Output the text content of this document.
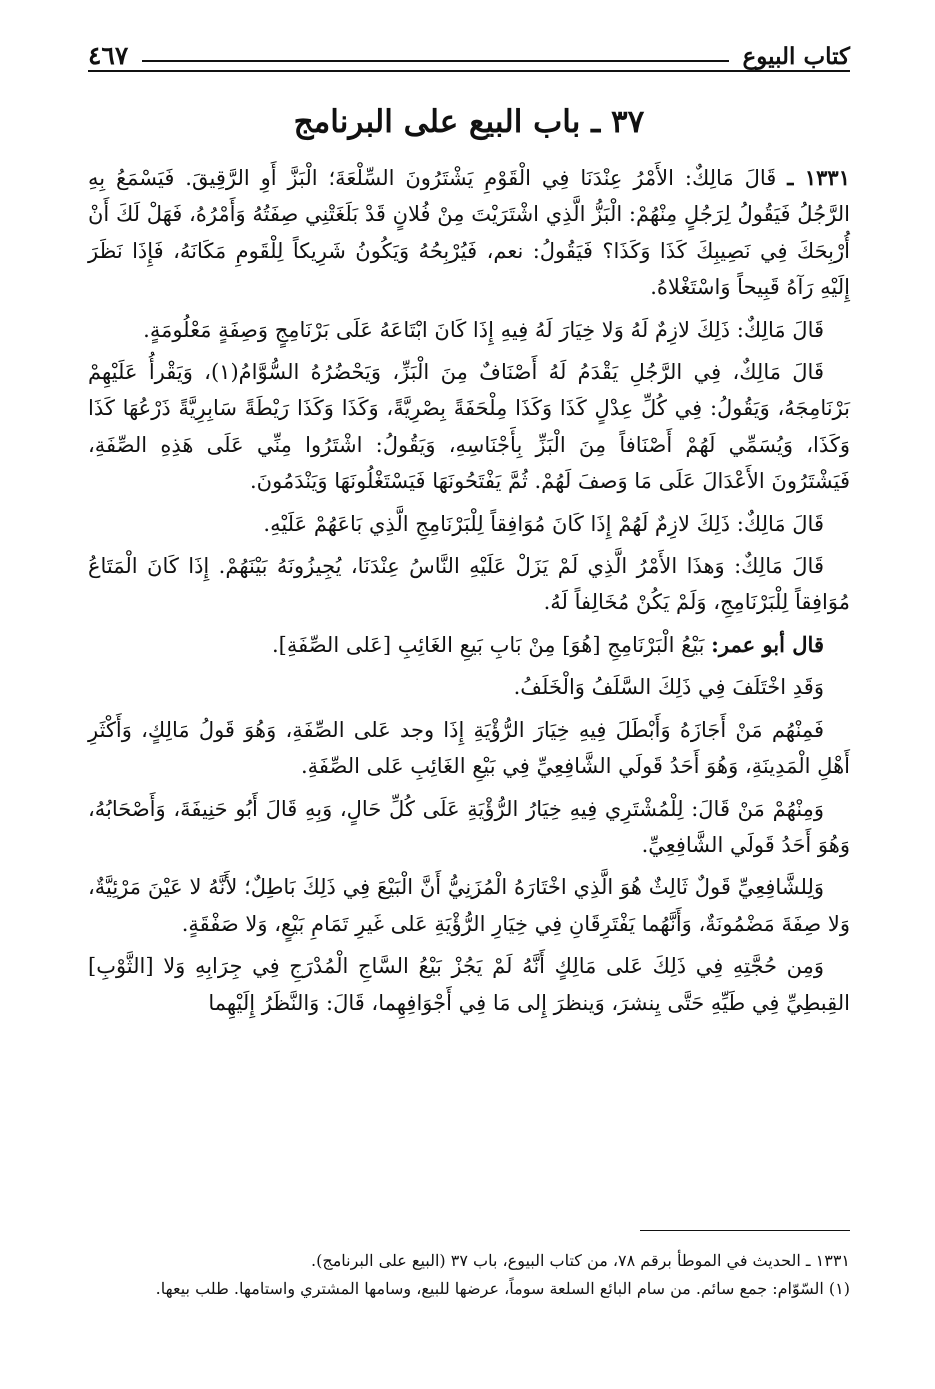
كتاب البيوع
٤٦٧
٣٧ ـ باب البيع على البرنامج

١٣٣١ ـ قَالَ مَالِكٌ: الأَمْرُ عِنْدَنَا فِي الْقَوْمِ يَشْتَرُونَ السِّلْعَةَ؛ الْبَزَّ أَوِ الرَّقِيقَ. فَيَسْمَعُ بِهِ الرَّجُلُ فَيَقُولُ لِرَجُلٍ مِنْهُمْ: الْبَزُّ الَّذِي اشْتَرَيْتَ مِنْ فُلانٍ قَدْ بَلَغَتْنِي صِفَتُهُ وَأَمْرُهُ، فَهَلْ لَكَ أَنْ أُرْبِحَكَ فِي نَصِيبِكَ كَذَا وَكَذَا؟ فَيَقُولُ: نعم، فَيُرْبِحُهُ وَيَكُونُ شَرِيكاً لِلْقَومِ مَكَانَهُ، فَإِذَا نَظَرَ إِلَيْهِ رَآهُ قَبِيحاً وَاسْتَغْلاهُ.

قَالَ مَالِكٌ: ذَلِكَ لازِمٌ لَهُ وَلا خِيَارَ لَهُ فِيهِ إِذَا كَانَ ابْتَاعَهُ عَلَى بَرْنَامِجٍ وَصِفَةٍ مَعْلُومَةٍ.

قَالَ مَالِكٌ، فِي الرَّجُلِ يَقْدَمُ لَهُ أَصْنَافٌ مِنَ الْبَزِّ، وَيَحْضُرُهُ السُّوَّامُ(١)، وَيَقْرأُ عَلَيْهِمْ بَرْنَامِجَهُ، وَيَقُولُ: فِي كُلِّ عِدْلٍ كَذَا وَكَذَا مِلْحَفَةً بِصْرِيَّةً، وَكَذَا وَكَذَا رَيْطَةً سَابِرِيَّةً ذَرْعُهَا كَذَا وَكَذَا، وَيُسَمِّي لَهُمْ أَصْنَافاً مِنَ الْبَزِّ بِأَجْنَاسِهِ، وَيَقُولُ: اشْتَرُوا مِنِّي عَلَى هَذِهِ الصِّفَةِ، فَيَشْتَرُونَ الأَعْدَالَ عَلَى مَا وَصفَ لَهُمْ. ثُمَّ يَفْتَحُونَهَا فَيَسْتَغْلُونَهَا وَيَنْدَمُونَ.

قَالَ مَالِكٌ: ذَلِكَ لازِمٌ لَهُمْ إِذَا كَانَ مُوَافِقاً لِلْبَرْنَامِجِ الَّذِي بَاعَهُمْ عَلَيْهِ.

قَالَ مَالِكٌ: وَهذَا الأَمْرُ الَّذِي لَمْ يَزَلْ عَلَيْهِ النَّاسُ عِنْدَنَا، يُجِيزُونَهُ بَيْنَهُمْ. إِذَا كَانَ الْمَتَاعُ مُوَافِقاً لِلْبَرْنَامِجِ، وَلَمْ يَكُنْ مُخَالِفاً لَهُ.

قال أبو عمر: بَيْعُ الْبَرْنَامِجِ [هُوَ] مِنْ بَابِ بَيعِ الغَائِبِ [عَلى الصِّفَةِ].

وَقَدِ اخْتَلَفَ فِي ذَلِكَ السَّلَفُ وَالْخَلَفُ.

فَمِنْهُم مَنْ أَجَازَهُ وَأَبْطَلَ فِيهِ خِيَارَ الرُّؤْيَةِ إِذَا وجد عَلى الصِّفَةِ، وَهُوَ قَولُ مَالِكٍ، وَأَكْثَرِ أَهْلِ الْمَدِينَةِ، وَهُوَ أَحَدُ قَولَي الشَّافِعِيِّ فِي بَيْعِ الغَائِبِ عَلى الصِّفَةِ.

وَمِنْهُمْ مَنْ قَالَ: لِلْمُشْتَرِي فِيهِ خِيَارُ الرُّؤْيَةِ عَلَى كُلِّ حَالٍ، وَبِهِ قَالَ أَبُو حَنِيفَةَ، وَأَصْحَابُهُ، وَهُوَ أَحَدُ قَولَي الشَّافِعِيِّ.

وَلِلشَّافِعِيِّ قَولٌ ثَالِثٌ هُوَ الَّذِي اخْتَارَهُ الْمُزَنِيُّ أَنَّ الْبَيْعَ فِي ذَلِكَ بَاطِلٌ؛ لأَنَّهُ لا عَيْنَ مَرْئِيَّةٌ، وَلا صِفَةَ مَضْمُونَةٌ، وَأَنَّهُما يَفْتَرِقَانِ فِي خِيَارِ الرُّؤْيَةِ عَلى غَيرِ تَمَامِ بَيْعٍ، وَلا صَفْقَةٍ.

وَمِن حُجَّتِهِ فِي ذَلِكَ عَلى مَالِكٍ أَنَّهُ لَمْ يَجُزْ بَيْعُ السَّاجِ الْمُدْرَجِ فِي جِرَابِهِ وَلا [الثَّوْبِ] القِبطِيِّ فِي طَيِّهِ حَتَّى يِنشرَ، وَينظرَ إِلى مَا فِي أَجْوَافِهِما، قَالَ: وَالنَّظَرُ إِلَيْهِما

١٣٣١ ـ الحديث في الموطأ برقم ٧٨، من كتاب البيوع، باب ٣٧ (البيع على البرنامج).

(١) السّوّام: جمع سائم. من سام البائع السلعة سوماً، عرضها للبيع، وسامها المشتري واستامها. طلب بيعها.
